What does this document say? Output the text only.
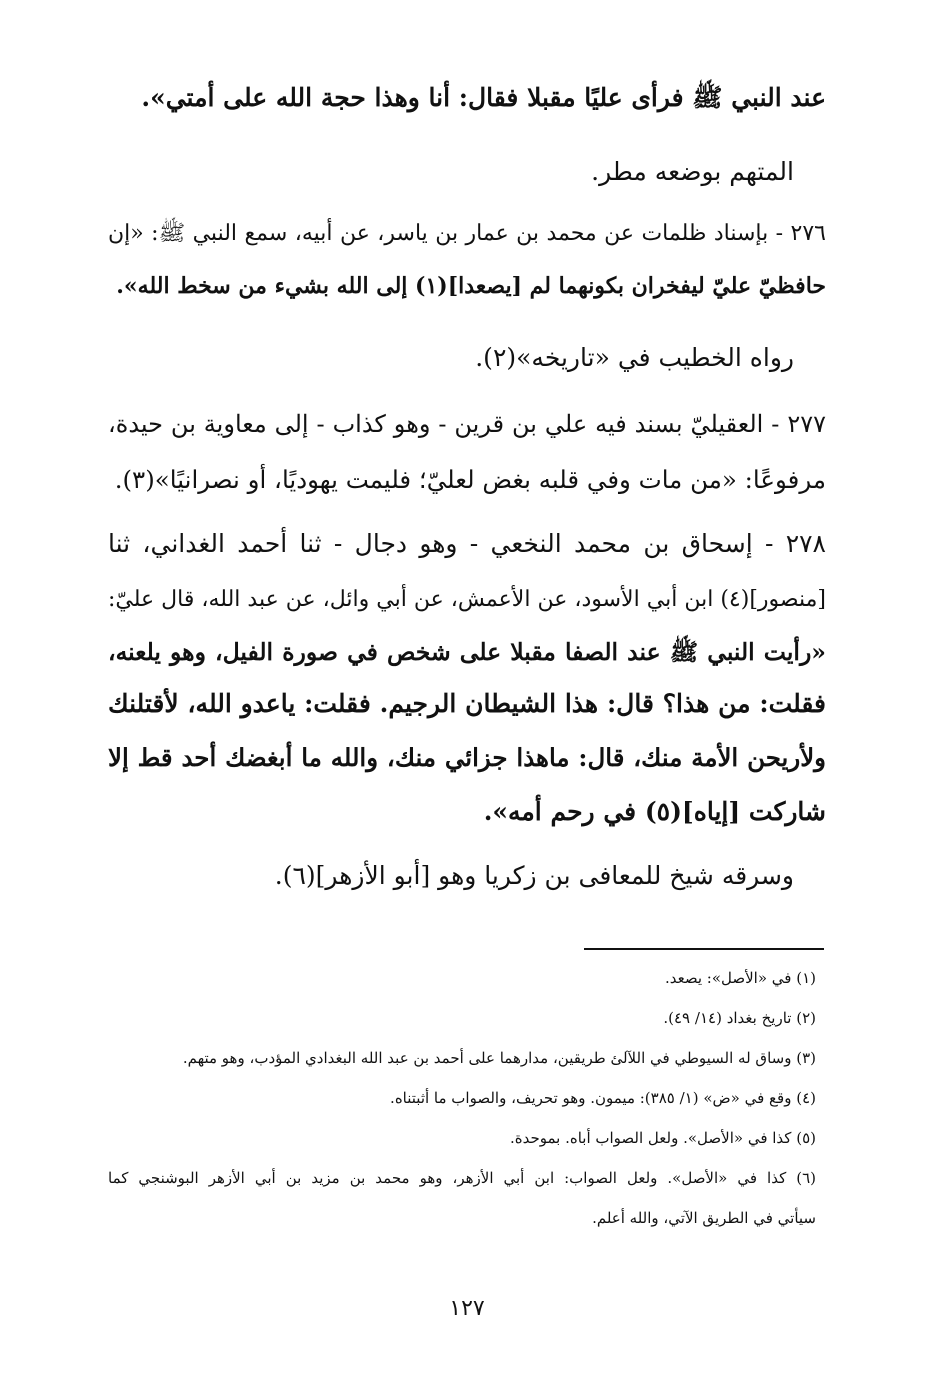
عند النبي ﷺ فرأى عليًا مقبلا فقال: أنا وهذا حجة الله على أمتي».
المتهم بوضعه مطر.
٢٧٦ - بإسناد ظلمات عن محمد بن عمار بن ياسر، عن أبيه، سمع النبي ﷺ: «إن
حافظيّ عليّ ليفخران بكونهما لم [يصعدا](١) إلى الله بشيء من سخط الله».
رواه الخطيب في «تاريخه»(٢).
٢٧٧ - العقيليّ بسند فيه علي بن قرين - وهو كذاب - إلى معاوية بن حيدة،
مرفوعًا: «من مات وفي قلبه بغض لعليّ؛ فليمت يهوديًا، أو نصرانيًا»(٣).
٢٧٨ - إسحاق بن محمد النخعي - وهو دجال - ثنا أحمد الغداني، ثنا
[منصور](٤) ابن أبي الأسود، عن الأعمش، عن أبي وائل، عن عبد الله، قال عليّ:
«رأيت النبي ﷺ عند الصفا مقبلا على شخص في صورة الفيل، وهو يلعنه،
فقلت: من هذا؟ قال: هذا الشيطان الرجيم. فقلت: ياعدو الله، لأقتلنك
ولأريحن الأمة منك، قال: ماهذا جزائي منك، والله ما أبغضك أحد قط إلا
شاركت [إياه](٥) في رحم أمه».
وسرقه شيخ للمعافى بن زكريا وهو [أبو الأزهر](٦).
(١) في «الأصل»: يصعد.
(٢) تاريخ بغداد (١٤/ ٤٩).
(٣) وساق له السيوطي في اللآلئ طريقين، مدارهما على أحمد بن عبد الله البغدادي المؤدب، وهو متهم.
(٤) وقع في «ض» (١/ ٣٨٥): ميمون. وهو تحريف، والصواب ما أثبتناه.
(٥) كذا في «الأصل». ولعل الصواب أباه. بموحدة.
(٦) كذا في «الأصل». ولعل الصواب: ابن أبي الأزهر، وهو محمد بن مزيد بن أبي الأزهر البوشنجي كما
سيأتي في الطريق الآتي، والله أعلم.
١٢٧
